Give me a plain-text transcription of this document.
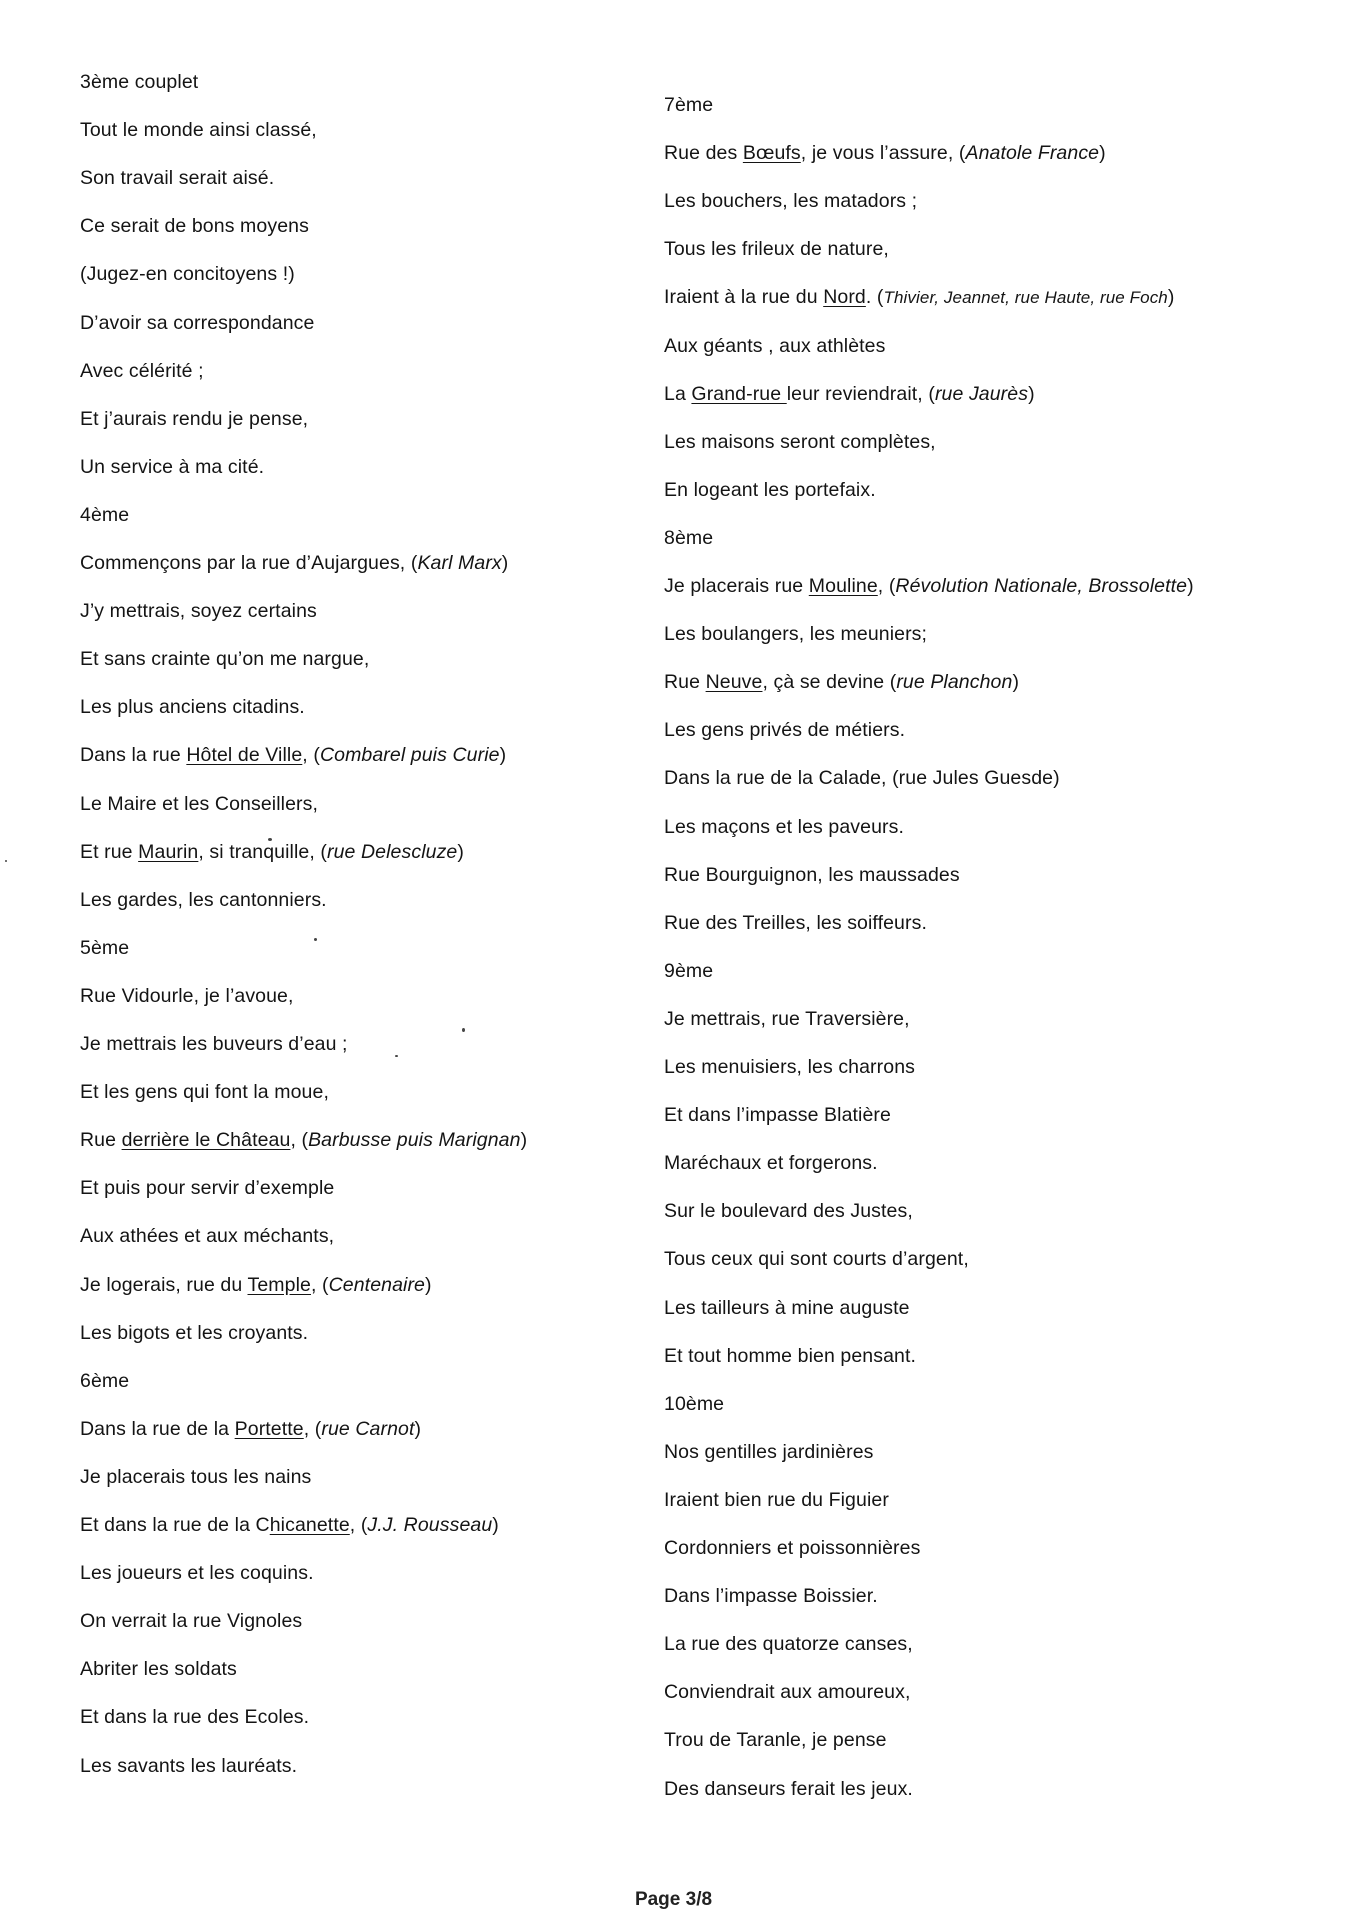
3ème couplet
Tout le monde ainsi classé,
Son travail serait aisé.
Ce serait de bons moyens
(Jugez-en concitoyens !)
D’avoir sa correspondance
Avec célérité ;
Et j’aurais rendu je pense,
Un service à ma cité.
4ème
Commençons par la rue d’Aujargues, (Karl Marx)
J’y mettrais, soyez certains
Et sans crainte qu’on me nargue,
Les plus anciens citadins.
Dans la rue Hôtel de Ville, (Combarel puis Curie)
Le Maire et les Conseillers,
Et rue Maurin, si tranquille, (rue Delescluze)
Les gardes, les cantonniers.
5ème
Rue Vidourle, je l’avoue,
Je mettrais les buveurs d’eau ;
Et les gens qui font la moue,
Rue derrière le Château, (Barbusse puis Marignan)
Et puis pour servir d’exemple
Aux athées et aux méchants,
Je logerais, rue du Temple, (Centenaire)
Les bigots et les croyants.
6ème
Dans la rue de la Portette, (rue Carnot)
Je placerais tous les nains
Et dans la rue de la Chicanette, (J.J. Rousseau)
Les joueurs et les coquins.
On verrait la rue Vignoles
Abriter les soldats
Et dans la rue des Ecoles.
Les savants les lauréats.
7ème
Rue des Bœufs, je vous l’assure, (Anatole France)
Les bouchers, les matadors ;
Tous les frileux de nature,
Iraient à la rue du Nord. (Thivier, Jeannet, rue Haute, rue Foch)
Aux géants , aux athlètes
La Grand-rue leur reviendrait, (rue Jaurès)
Les maisons seront complètes,
En logeant les portefaix.
8ème
Je placerais rue Mouline, (Révolution Nationale, Brossolette)
Les boulangers, les meuniers;
Rue Neuve, çà se devine (rue Planchon)
Les gens privés de métiers.
Dans la rue de la Calade, (rue Jules Guesde)
Les maçons et les paveurs.
Rue Bourguignon, les maussades
Rue des Treilles, les soiffeurs.
9ème
Je mettrais, rue Traversière,
Les menuisiers, les charrons
Et dans l’impasse Blatière
Maréchaux et forgerons.
Sur le boulevard des Justes,
Tous ceux qui sont courts d’argent,
Les tailleurs à mine auguste
Et tout homme bien pensant.
10ème
Nos gentilles jardinières
Iraient bien rue du Figuier
Cordonniers et poissonnières
Dans l’impasse Boissier.
La rue des quatorze canses,
Conviendrait aux amoureux,
Trou de Taranle, je pense
Des danseurs ferait les jeux.
Page 3/8
